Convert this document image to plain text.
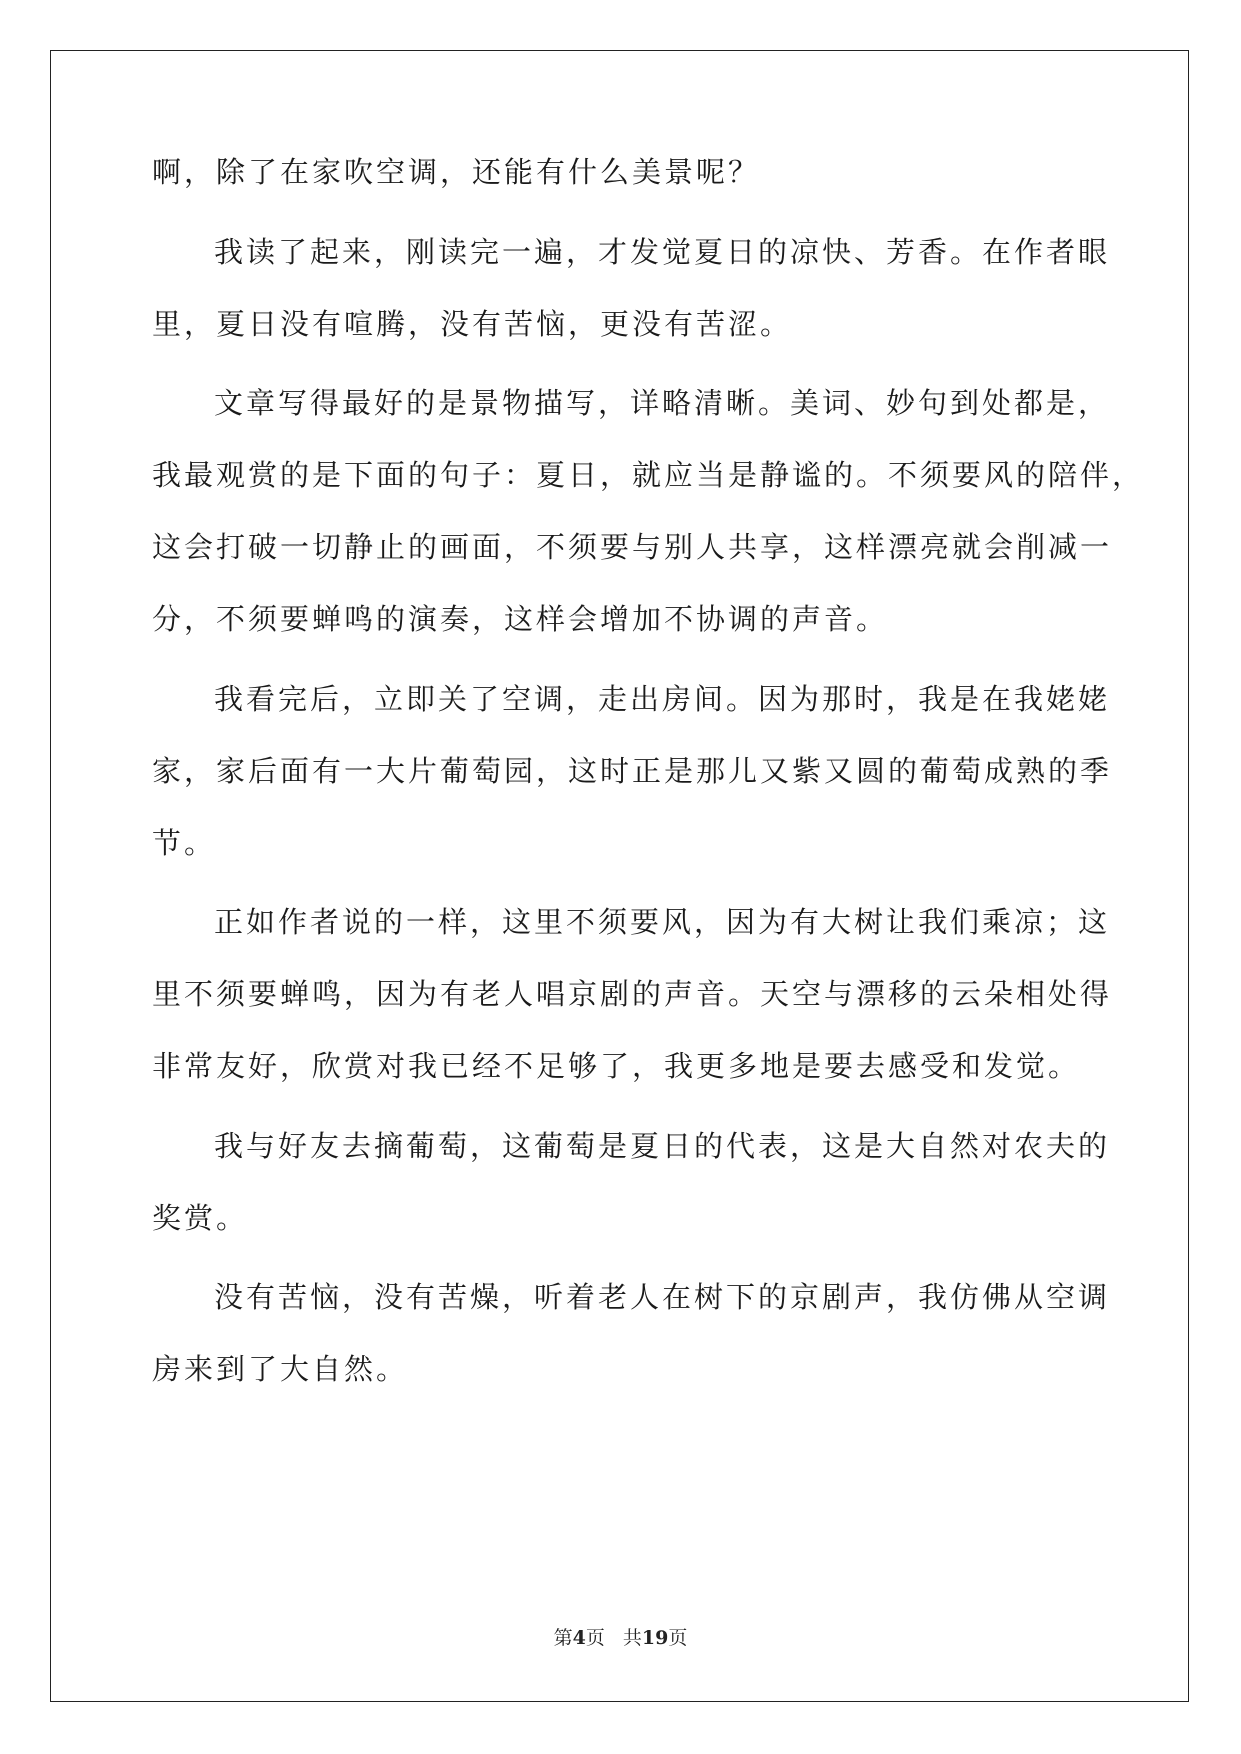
啊，除了在家吹空调，还能有什么美景呢？
我读了起来，刚读完一遍，才发觉夏日的凉快、芳香。在作者眼
里，夏日没有喧腾，没有苦恼，更没有苦涩。
文章写得最好的是景物描写，详略清晰。美词、妙句到处都是，
我最观赏的是下面的句子：夏日，就应当是静谧的。不须要风的陪伴，
这会打破一切静止的画面，不须要与别人共享，这样漂亮就会削减一
分，不须要蝉鸣的演奏，这样会增加不协调的声音。
我看完后，立即关了空调，走出房间。因为那时，我是在我姥姥
家，家后面有一大片葡萄园，这时正是那儿又紫又圆的葡萄成熟的季
节。
正如作者说的一样，这里不须要风，因为有大树让我们乘凉；这
里不须要蝉鸣，因为有老人唱京剧的声音。天空与漂移的云朵相处得
非常友好，欣赏对我已经不足够了，我更多地是要去感受和发觉。
我与好友去摘葡萄，这葡萄是夏日的代表，这是大自然对农夫的
奖赏。
没有苦恼，没有苦燥，听着老人在树下的京剧声，我仿佛从空调
房来到了大自然。
第4页 共19页
